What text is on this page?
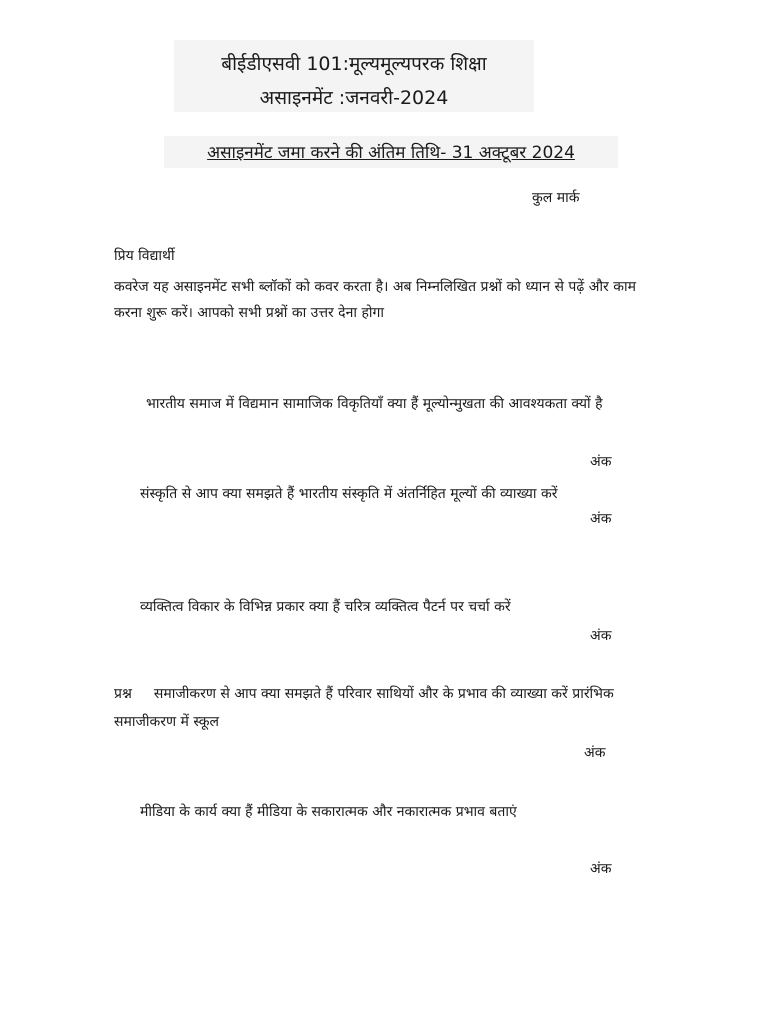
बीईडीएसवी 101:मूल्यमूल्यपरक शिक्षा
असाइनमेंट :जनवरी-2024
असाइनमेंट जमा करने की अंतिम तिथि- 31 अक्टूबर 2024
कुल मार्क
प्रिय विद्यार्थी
कवरेज यह असाइनमेंट सभी ब्लॉकों को कवर करता है। अब निम्नलिखित प्रश्नों को ध्यान से पढ़ें और काम करना शुरू करें। आपको सभी प्रश्नों का उत्तर देना होगा
भारतीय समाज में विद्यमान सामाजिक विकृतियाँ क्या हैं मूल्योन्मुखता की आवश्यकता क्यों है
अंक
संस्कृति से आप क्या समझते हैं भारतीय संस्कृति में अंतर्निहित मूल्यों की व्याख्या करें
अंक
व्यक्तित्व विकार के विभिन्न प्रकार क्या हैं चरित्र व्यक्तित्व पैटर्न पर चर्चा करें
अंक
प्रश्न समाजीकरण से आप क्या समझते हैं परिवार साथियों और के प्रभाव की व्याख्या करें प्रारंभिक समाजीकरण में स्कूल
अंक
मीडिया के कार्य क्या हैं मीडिया के सकारात्मक और नकारात्मक प्रभाव बताएं
अंक
